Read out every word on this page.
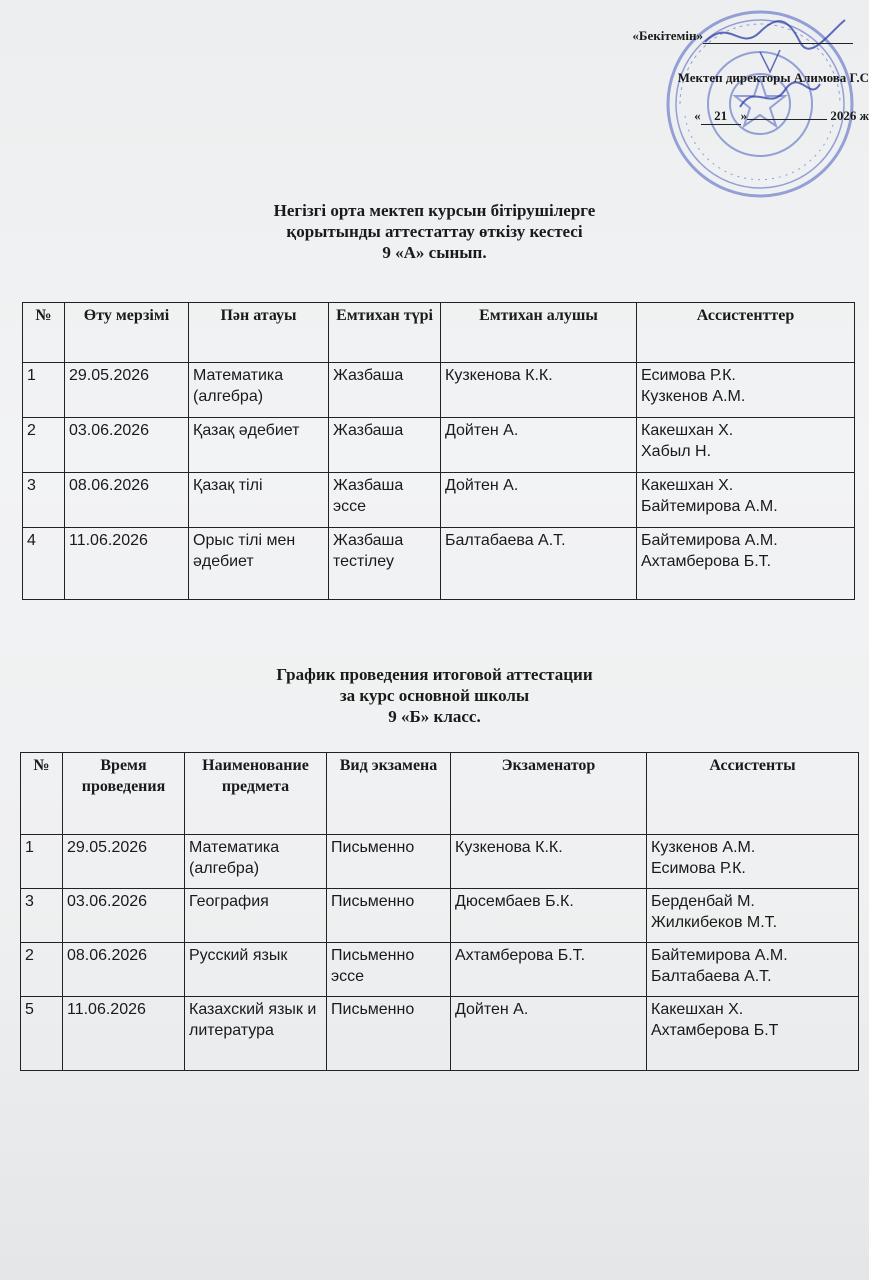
«Бекітемін»
Мектеп директоры Алимова Г.С
« 21 »	2026 ж
Негізгі орта мектеп курсын бітірушілерге
қорытынды аттестаттау өткізу кестесі
9 «А» сынып.
№	Өту мерзімі	Пән атауы	Емтихан түрі	Емтихан алушы	Ассистенттер
1	29.05.2026	Математика (алгебра)	Жазбаша	Кузкенова К.К.	Есимова Р.К.
Кузкенов А.М.

2	03.06.2026	Қазақ әдебиет	Жазбаша	Дойтен А.	Какешхан Х.
Хабыл Н.

3	08.06.2026	Қазақ тілі	Жазбаша эссе	Дойтен А.	Какешхан Х.
Байтемирова А.М.

4	11.06.2026	Орыс тілі мен әдебиет	Жазбаша тестілеу	Балтабаева А.Т.	Байтемирова А.М.
Ахтамберова Б.Т.
График проведения итоговой аттестации
за курс основной школы
9 «Б» класс.
№	Время проведения	Наименование предмета	Вид экзамена	Экзаменатор	Ассистенты
1	29.05.2026	Математика (алгебра)	Письменно	Кузкенова К.К.	Кузкенов А.М.
Есимова Р.К.

3	03.06.2026	География	Письменно	Дюсембаев Б.К.	Берденбай М.
Жилкибеков М.Т.

2	08.06.2026	Русский язык	Письменно эссе	Ахтамберова Б.Т.	Байтемирова А.М.
Балтабаева А.Т.

5	11.06.2026	Казахский язык и литература	Письменно	Дойтен А.	Какешхан Х.
Ахтамберова Б.Т
